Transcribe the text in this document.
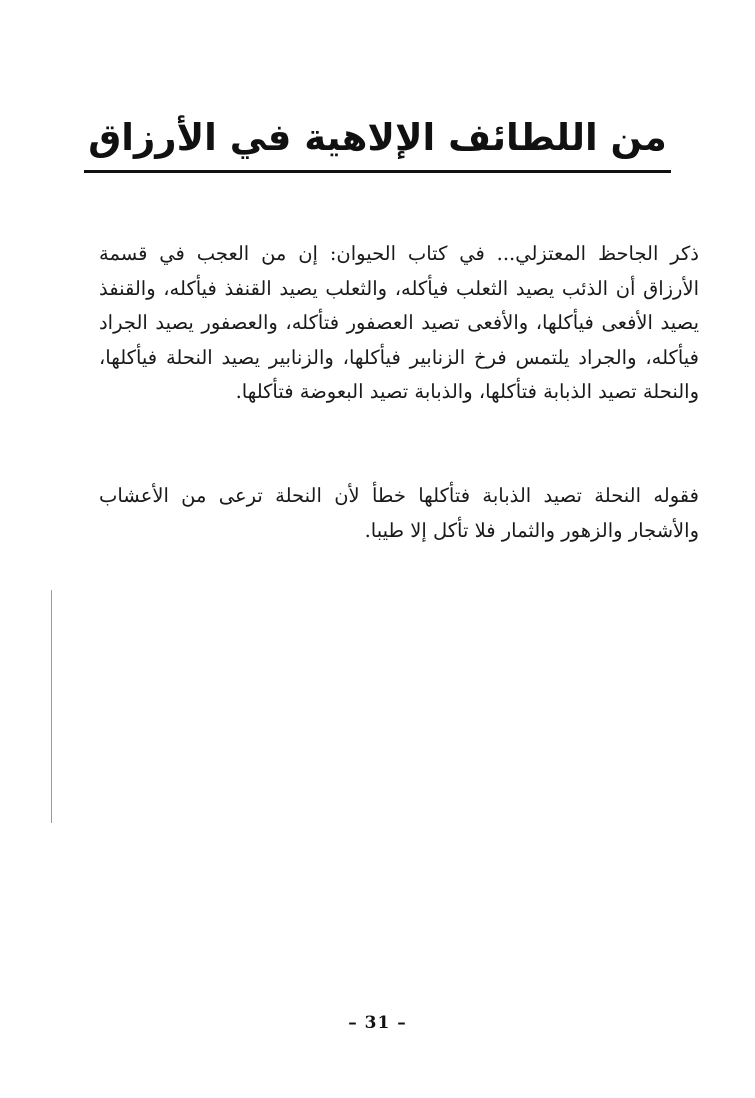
من اللطائف الإلاهية في الأرزاق

ذكر الجاحظ المعتزلي... في كتاب الحيوان: إن من العجب في قسمة الأرزاق أن الذئب يصيد الثعلب فيأكله، والثعلب يصيد القنفذ فيأكله، والقنفذ يصيد الأفعى فيأكلها، والأفعى تصيد العصفور فتأكله، والعصفور يصيد الجراد فيأكله، والجراد يلتمس فرخ الزنابير فيأكلها، والزنابير يصيد النحلة فيأكلها، والنحلة تصيد الذبابة فتأكلها، والذبابة تصيد البعوضة فتأكلها.

فقوله النحلة تصيد الذبابة فتأكلها خطأ لأن النحلة ترعى من الأعشاب والأشجار والزهور والثمار فلا تأكل إلا طيبا.

– 31 –
